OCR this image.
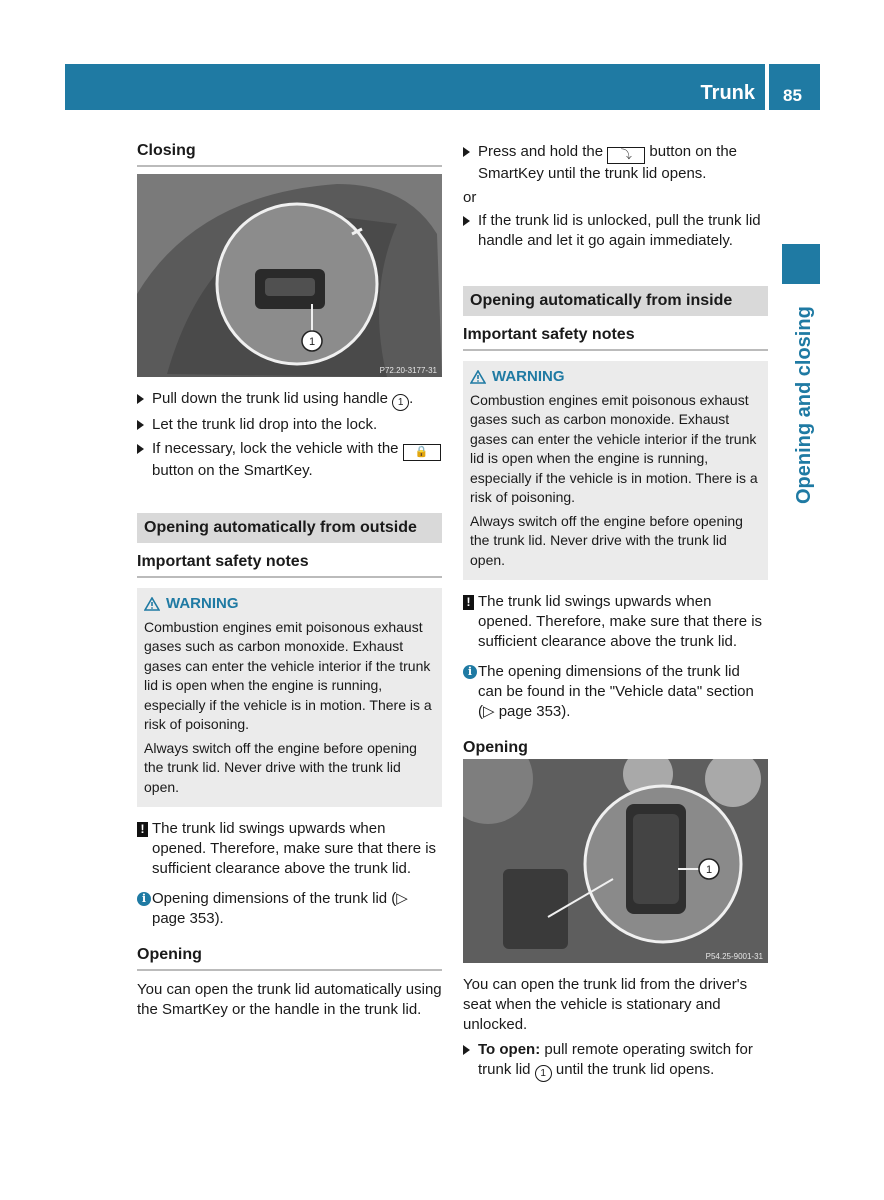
Trunk 85
Opening and closing
Closing
1
P72.20-3177-31
Pull down the trunk lid using handle 1 .
Let the trunk lid drop into the lock.
If necessary, lock the vehicle with the 🔒 button on the SmartKey.
Opening automatically from outside
Important safety notes
WARNING
Combustion engines emit poisonous exhaust gases such as carbon monoxide. Exhaust gases can enter the vehicle interior if the trunk lid is open when the engine is running, especially if the vehicle is in motion. There is a risk of poisoning.
Always switch off the engine before opening the trunk lid. Never drive with the trunk lid open.
! The trunk lid swings upwards when opened. Therefore, make sure that there is sufficient clearance above the trunk lid.
i Opening dimensions of the trunk lid (▷ page 353).
Opening
You can open the trunk lid automatically using the SmartKey or the handle in the trunk lid.
Press and hold the ⤵ button on the SmartKey until the trunk lid opens.
or
If the trunk lid is unlocked, pull the trunk lid handle and let it go again immediately.
Opening automatically from inside
Important safety notes
WARNING
Combustion engines emit poisonous exhaust gases such as carbon monoxide. Exhaust gases can enter the vehicle interior if the trunk lid is open when the engine is running, especially if the vehicle is in motion. There is a risk of poisoning.
Always switch off the engine before opening the trunk lid. Never drive with the trunk lid open.
! The trunk lid swings upwards when opened. Therefore, make sure that there is sufficient clearance above the trunk lid.
i The opening dimensions of the trunk lid can be found in the "Vehicle data" section (▷ page 353).
Opening
1
P54.25-9001-31
You can open the trunk lid from the driver's seat when the vehicle is stationary and unlocked.
To open: pull remote operating switch for trunk lid 1 until the trunk lid opens.
